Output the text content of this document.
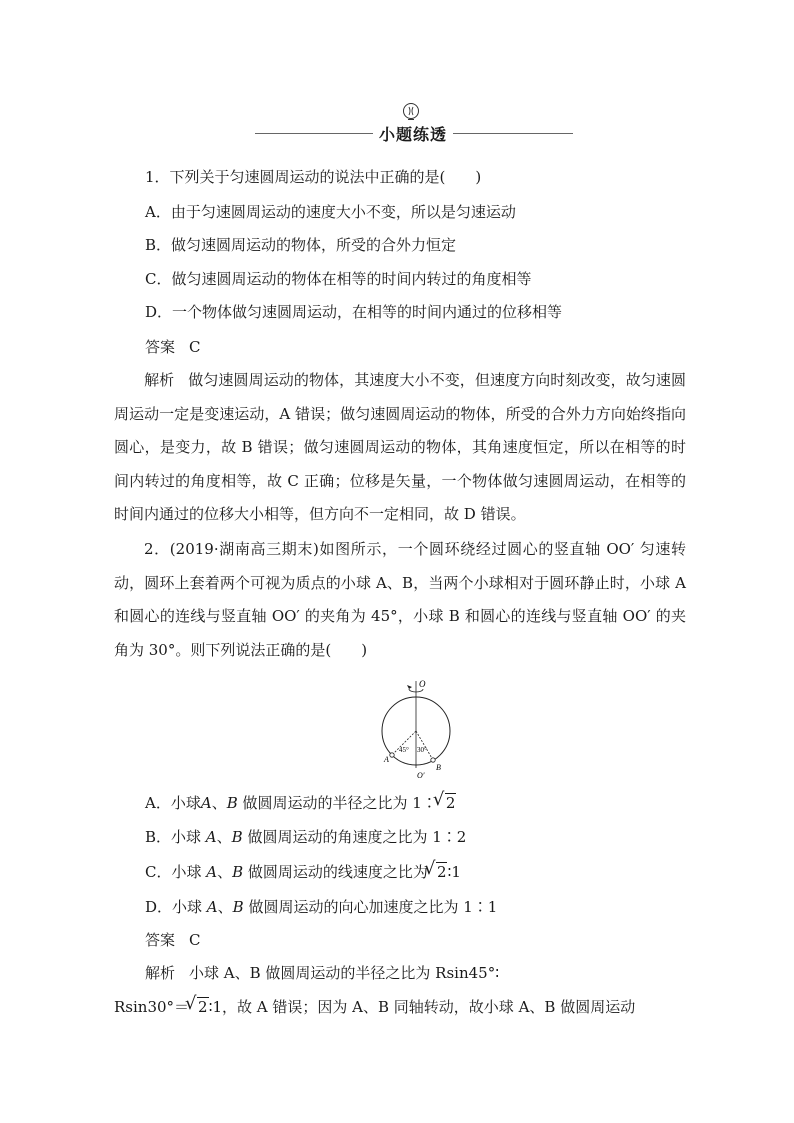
小题练透
1．下列关于匀速圆周运动的说法中正确的是(　　)
A．由于匀速圆周运动的速度大小不变，所以是匀速运动
B．做匀速圆周运动的物体，所受的合外力恒定
C．做匀速圆周运动的物体在相等的时间内转过的角度相等
D．一个物体做匀速圆周运动，在相等的时间内通过的位移相等
答案 C
解析 做匀速圆周运动的物体，其速度大小不变，但速度方向时刻改变，故匀速圆周运动一定是变速运动，A 错误；做匀速圆周运动的物体，所受的合外力方向始终指向圆心，是变力，故 B 错误；做匀速圆周运动的物体，其角速度恒定，所以在相等的时间内转过的角度相等，故 C 正确；位移是矢量，一个物体做匀速圆周运动，在相等的时间内通过的位移大小相等，但方向不一定相同，故 D 错误。
2．(2019·湖南高三期末)如图所示，一个圆环绕经过圆心的竖直轴 OO′ 匀速转动，圆环上套着两个可视为质点的小球 A、B，当两个小球相对于圆环静止时，小球 A 和圆心的连线与竖直轴 OO′ 的夹角为 45°，小球 B 和圆心的连线与竖直轴 OO′ 的夹角为 30°。则下列说法正确的是(　　)
O
O′
A
B
45° 30°
A．小球A、B 做圆周运动的半径之比为 1∶ √ 2
B．小球 A、B 做圆周运动的角速度之比为 1∶2
C．小球 A、B 做圆周运动的线速度之比为 √ 2∶1
D．小球 A、B 做圆周运动的向心加速度之比为 1∶1
答案 C
解析 小球 A、B 做圆周运动的半径之比为 Rsin45°∶
Rsin30°＝ √ 2∶1，故 A 错误；因为 A、B 同轴转动，故小球 A、B 做圆周运动
